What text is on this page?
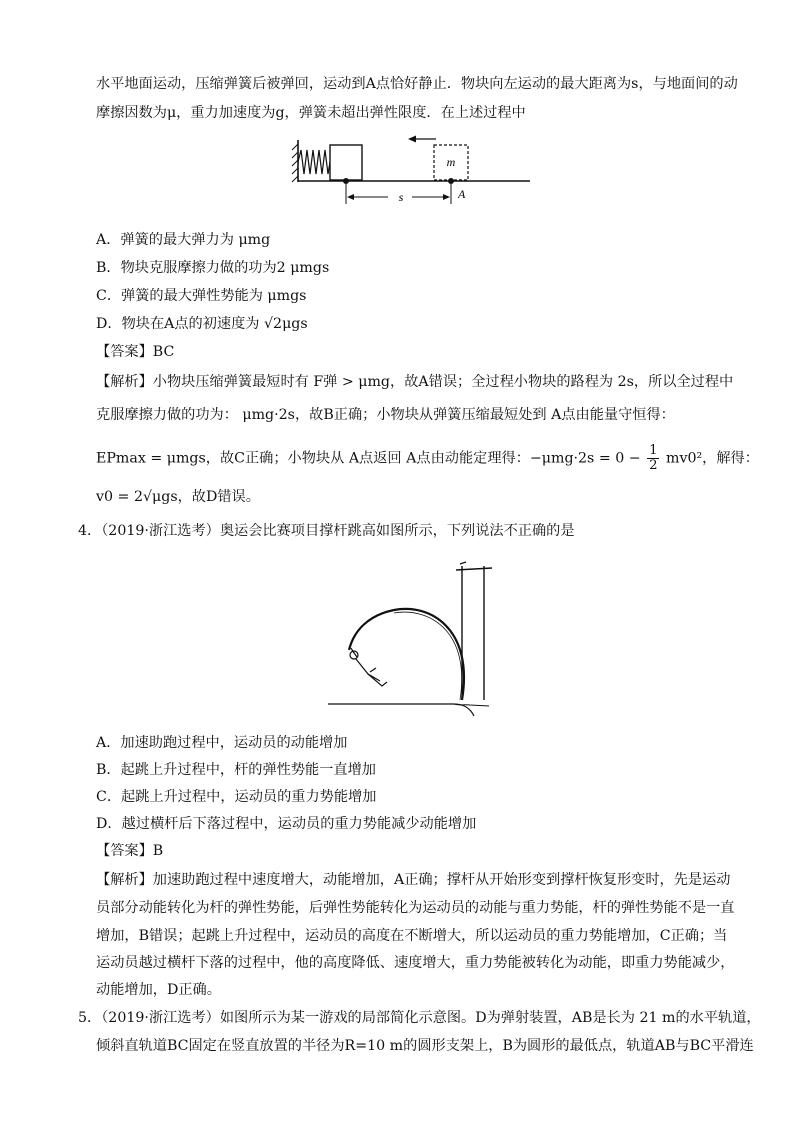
水平地面运动，压缩弹簧后被弹回，运动到A点恰好静止．物块向左运动的最大距离为s，与地面间的动
摩擦因数为μ，重力加速度为g，弹簧未超出弹性限度．在上述过程中
m
s	A
A．弹簧的最大弹力为 μmg
B．物块克服摩擦力做的功为2 μmgs
C．弹簧的最大弹性势能为 μmgs
D．物块在A点的初速度为 √2μgs
【答案】BC
【解析】小物块压缩弹簧最短时有 F弹 > μmg，故A错误；全过程小物块的路程为 2s，所以全过程中
克服摩擦力做的功为： μmg·2s，故B正确；小物块从弹簧压缩最短处到 A点由能量守恒得：
EPmax = μmgs，故C正确；小物块从 A点返回 A点由动能定理得：$-\mu mg\cdot 2s = 0 - \frac{1}{2} mv0^2$，解得：
v0 = 2√μgs，故D错误。
4．（2019·浙江选考）奥运会比赛项目撑杆跳高如图所示，下列说法不正确的是
A．加速助跑过程中，运动员的动能增加
B．起跳上升过程中，杆的弹性势能一直增加
C．起跳上升过程中，运动员的重力势能增加
D．越过横杆后下落过程中，运动员的重力势能减少动能增加
【答案】B
【解析】加速助跑过程中速度增大，动能增加，A正确；撑杆从开始形变到撑杆恢复形变时，先是运动
员部分动能转化为杆的弹性势能，后弹性势能转化为运动员的动能与重力势能，杆的弹性势能不是一直
增加，B错误；起跳上升过程中，运动员的高度在不断增大，所以运动员的重力势能增加，C正确；当
运动员越过横杆下落的过程中，他的高度降低、速度增大，重力势能被转化为动能，即重力势能减少，
动能增加，D正确。
5．（2019·浙江选考）如图所示为某一游戏的局部简化示意图。D为弹射装置，AB是长为 21 m的水平轨道，
倾斜直轨道BC固定在竖直放置的半径为R=10 m的圆形支架上，B为圆形的最低点，轨道AB与BC平滑连
